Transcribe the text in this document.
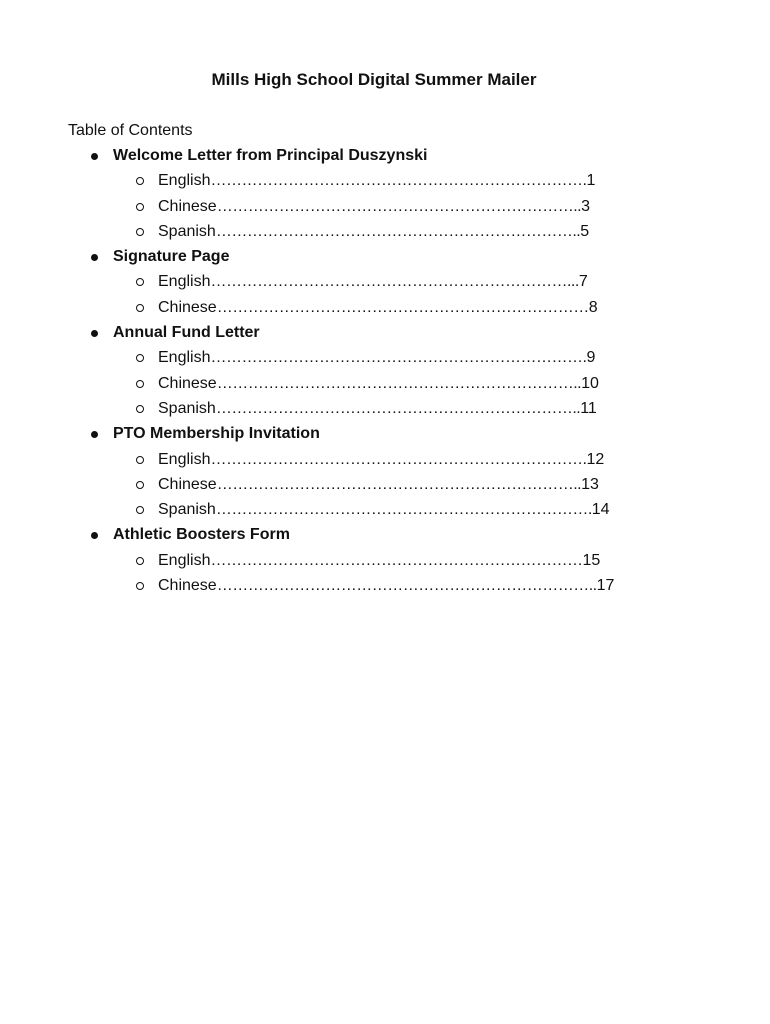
Mills High School Digital Summer Mailer
Table of Contents
Welcome Letter from Principal Duszynski
English……………………………………………………………….1
Chinese……………………………………………………………..3
Spanish……………………………………………………………..5
Signature Page
English……………………………………………………………...7
Chinese………………………………………………………………8
Annual Fund Letter
English……………………………………………………………….9
Chinese……………………………………………………………..10
Spanish……………………………………………………………..11
PTO Membership Invitation
English……………………………………………………………….12
Chinese……………………………………………………………..13
Spanish……………………………………………………………….14
Athletic Boosters Form
English………………………………………………………………15
Chinese………………………………………………………………..17
